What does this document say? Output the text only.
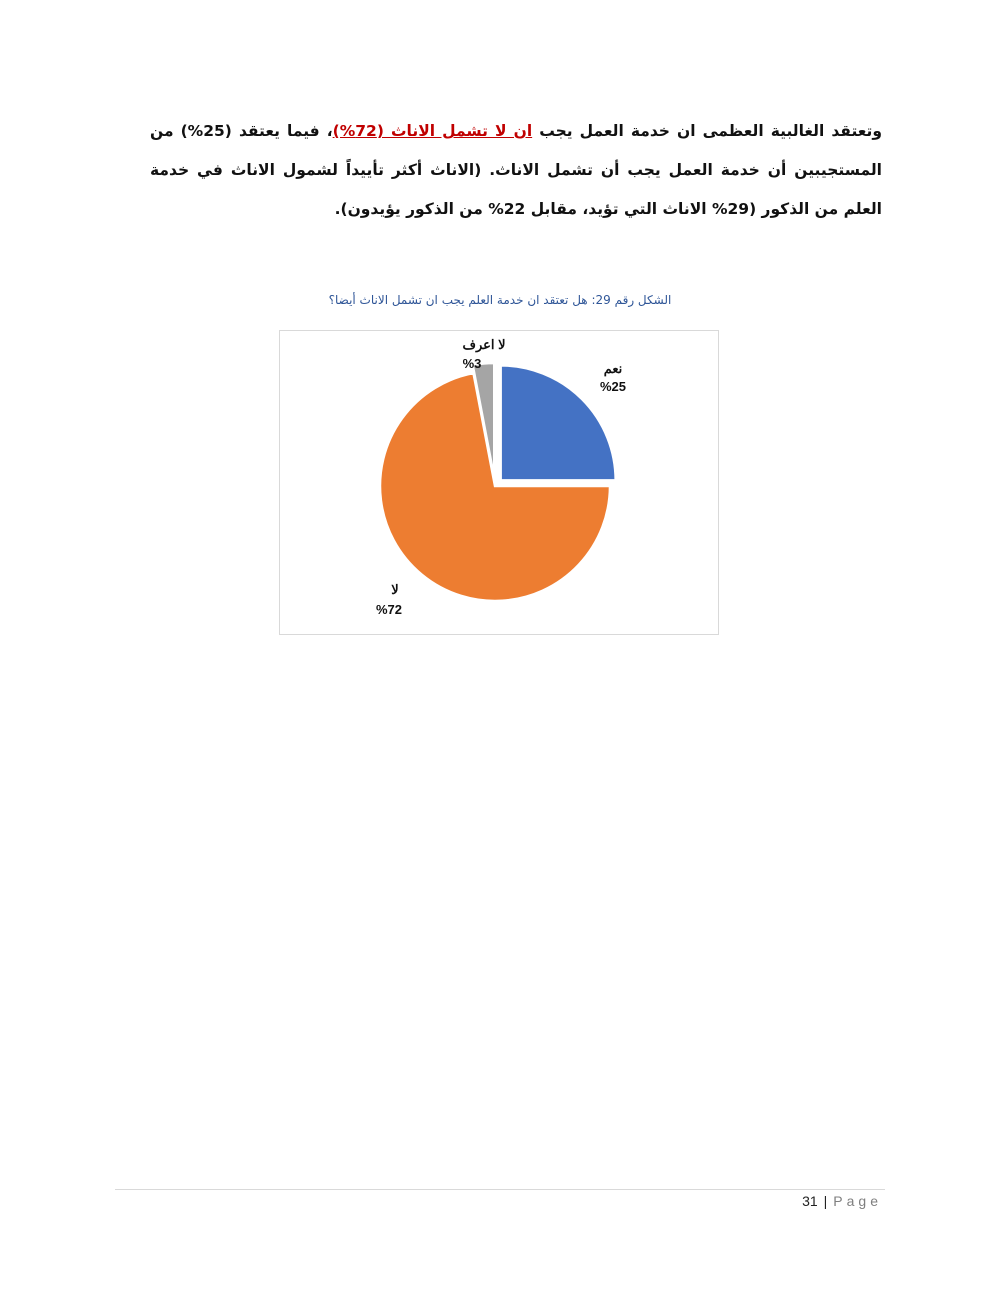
وتعتقد الغالبية العظمى ان خدمة العمل يجب ان لا تشمل الاناث (72%)، فيما يعتقد (25%) من المستجيبين أن خدمة العمل يجب أن تشمل الاناث. (الاناث أكثر تأييداً لشمول الاناث في خدمة العلم من الذكور (29% الاناث التي تؤيد، مقابل 22% من الذكور يؤيدون).

الشكل رقم 29: هل تعتقد ان خدمة العلم يجب ان تشمل الاناث أيضا؟

نعم
%25
لا
%72
لا اعرف
%3
31 | Page
